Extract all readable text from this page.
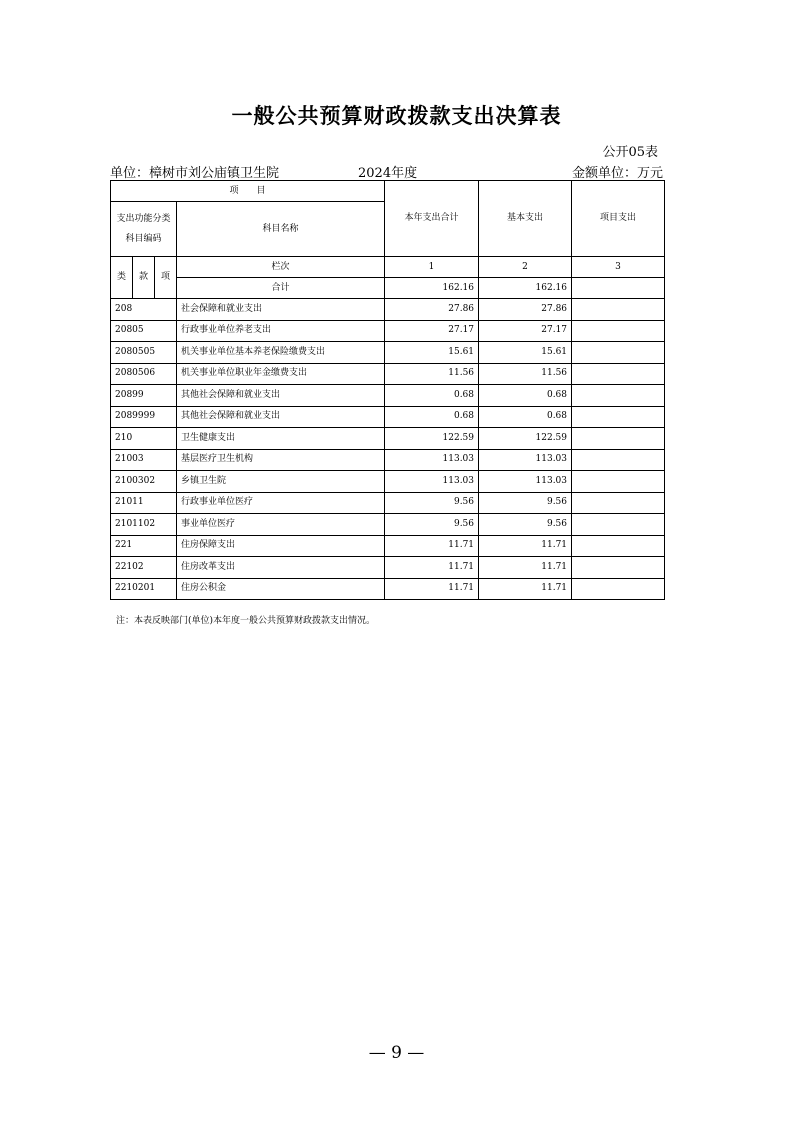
一般公共预算财政拨款支出决算表
公开05表
单位：樟树市刘公庙镇卫生院	2024年度	金额单位：万元
项　　目				本年支出合计	基本支出	项目支出

支出功能分类
科目编码			科目名称			

类	款	项	栏次	1	2	3
			合计	162.16	162.16	
208			社会保障和就业支出	27.86	27.86	
20805			行政事业单位养老支出	27.17	27.17	
2080505			机关事业单位基本养老保险缴费支出	15.61	15.61	
2080506			机关事业单位职业年金缴费支出	11.56	11.56	
20899			其他社会保障和就业支出	0.68	0.68	
2089999			其他社会保障和就业支出	0.68	0.68	
210			卫生健康支出	122.59	122.59	
21003			基层医疗卫生机构	113.03	113.03	
2100302			乡镇卫生院	113.03	113.03	
21011			行政事业单位医疗	9.56	9.56	
2101102			事业单位医疗	9.56	9.56	
221			住房保障支出	11.71	11.71	
22102			住房改革支出	11.71	11.71	
2210201			住房公积金	11.71	11.71	
注：本表反映部门(单位)本年度一般公共预算财政拨款支出情况。
— 9 —
